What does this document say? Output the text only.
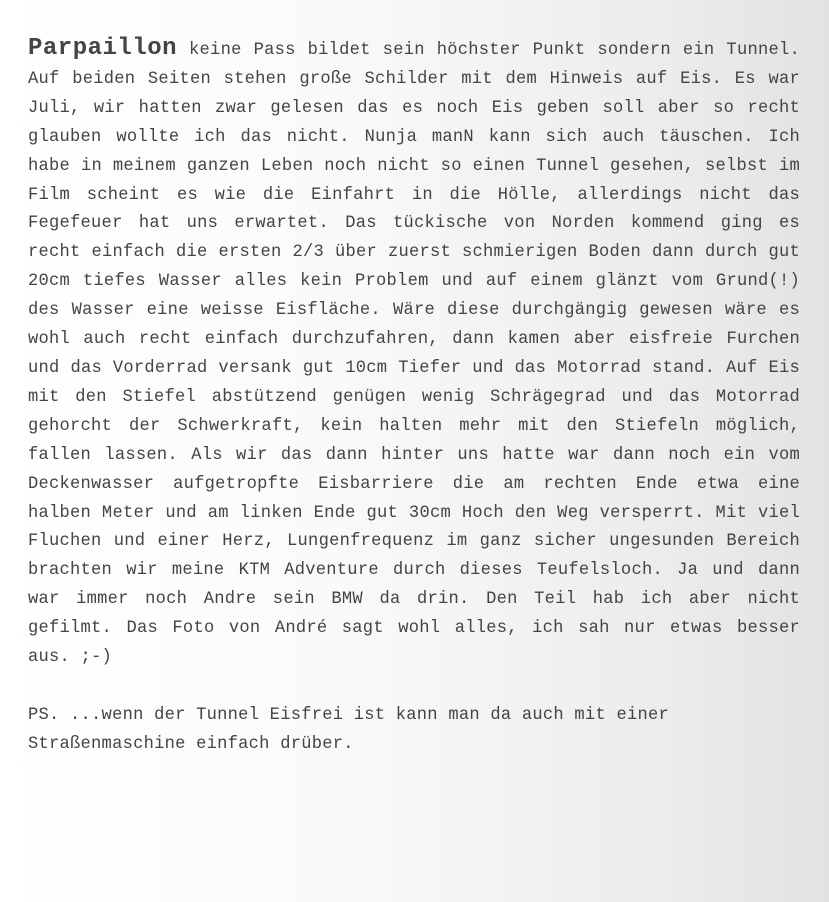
Parpaillon keine Pass bildet sein höchster Punkt sondern ein Tunnel. Auf beiden Seiten stehen große Schilder mit dem Hinweis auf Eis. Es war Juli, wir hatten zwar gelesen das es noch Eis geben soll aber so recht glauben wollte ich das nicht. Nunja manN kann sich auch täuschen. Ich habe in meinem ganzen Leben noch nicht so einen Tunnel gesehen, selbst im Film scheint es wie die Einfahrt in die Hölle, allerdings nicht das Fegefeuer hat uns erwartet. Das tückische von Norden kommend ging es recht einfach die ersten 2/3 über zuerst schmierigen Boden dann durch gut 20cm tiefes Wasser alles kein Problem und auf einem glänzt vom Grund(!) des Wasser eine weisse Eisfläche. Wäre diese durchgängig gewesen wäre es wohl auch recht einfach durchzufahren, dann kamen aber eisfreie Furchen und das Vorderrad versank gut 10cm Tiefer und das Motorrad stand. Auf Eis mit den Stiefel abstützend genügen wenig Schrägegrad und das Motorrad gehorcht der Schwerkraft, kein halten mehr mit den Stiefeln möglich, fallen lassen. Als wir das dann hinter uns hatte war dann noch ein vom Deckenwasser aufgetropfte Eisbarriere die am rechten Ende etwa eine halben Meter und am linken Ende gut 30cm Hoch den Weg versperrt. Mit viel Fluchen und einer Herz, Lungenfrequenz im ganz sicher ungesunden Bereich brachten wir meine KTM Adventure durch dieses Teufelsloch. Ja und dann war immer noch Andre sein BMW da drin. Den Teil hab ich aber nicht gefilmt. Das Foto von André sagt wohl alles, ich sah nur etwas besser aus. ;-)

PS. ...wenn der Tunnel Eisfrei ist kann man da auch mit einer Straßenmaschine einfach drüber.
